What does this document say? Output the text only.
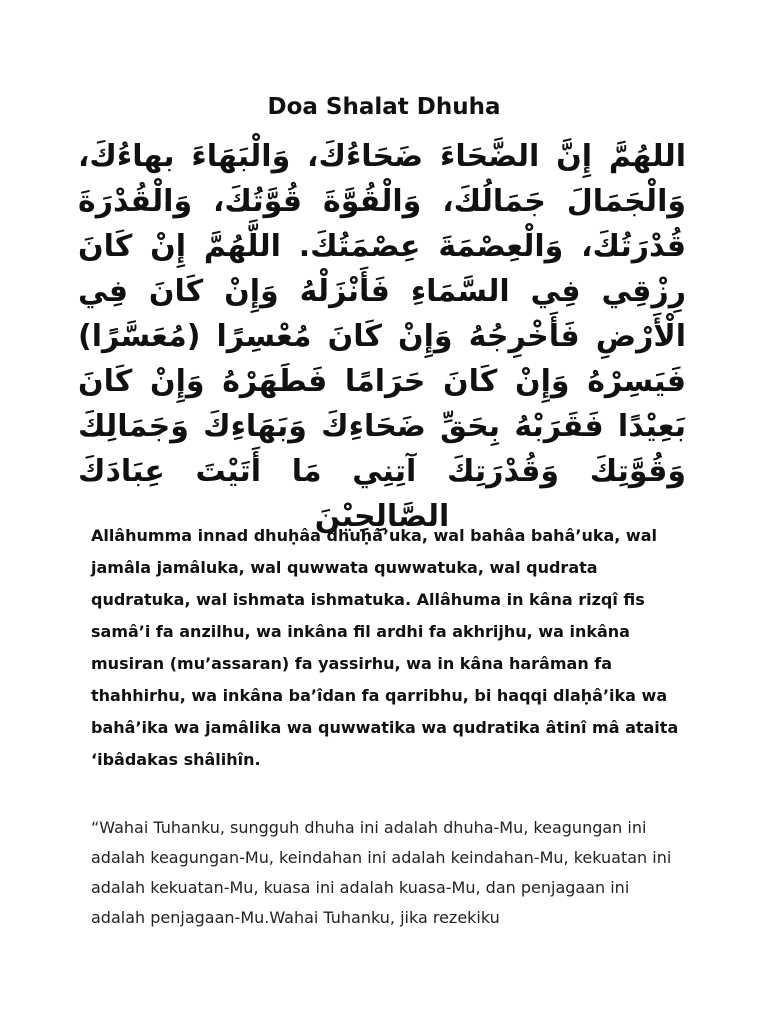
Doa Shalat Dhuha
اللهُمَّ إِنَّ الضَّحَاءَ ضَحَاءُكَ، وَالْبَهَاءَ بهاءُكَ، وَالْجَمَالَ جَمَالُكَ، وَالْقُوَّةَ قُوَّتُكَ، وَالْقُدْرَةَ قُدْرَتُكَ، وَالْعِصْمَةَ عِصْمَتُكَ. اللَّهُمَّ إِنْ كَانَ رِزْقِي فِي السَّمَاءِ فَأَنْزَلْهُ وَإِنْ كَانَ فِي الْأَرْضِ فَأَخْرِجُهُ وَإِنْ كَانَ مُعْسِرًا (مُعَسَّرًا) فَيَسِرْهُ وَإِنْ كَانَ حَرَامًا فَطَهَرْهُ وَإِنْ كَانَ بَعِيْدًا فَقَرَبْهُ بِحَقِّ ضَحَاءِكَ وَبَهَاءِكَ وَجَمَالِكَ وَقُوَّتِكَ وَقُدْرَتِكَ آتِنِي مَا أَتَيْتَ عِبَادَكَ الصَّالِحِيْنَ
Allâhumma innad dhuḥâa dhuḥâ’uka, wal bahâa bahâ’uka, wal jamâla jamâluka, wal quwwata quwwatuka, wal qudrata qudratuka, wal ishmata ishmatuka. Allâhuma in kâna rizqî fis samâ’i fa anzilhu, wa inkâna fil ardhi fa akhrijhu, wa inkâna musiran (mu’assaran) fa yassirhu, wa in kâna harâman fa thahhirhu, wa inkâna ba’îdan fa qarribhu, bi haqqi dlaḥâ’ika wa bahâ’ika wa jamâlika wa quwwatika wa qudratika âtinî mâ ataita ‘ibâdakas shâlihîn.
“Wahai Tuhanku, sungguh dhuha ini adalah dhuha-Mu, keagungan ini adalah keagungan-Mu, keindahan ini adalah keindahan-Mu, kekuatan ini adalah kekuatan-Mu, kuasa ini adalah kuasa-Mu, dan penjagaan ini adalah penjagaan-Mu.Wahai Tuhanku, jika rezekiku
